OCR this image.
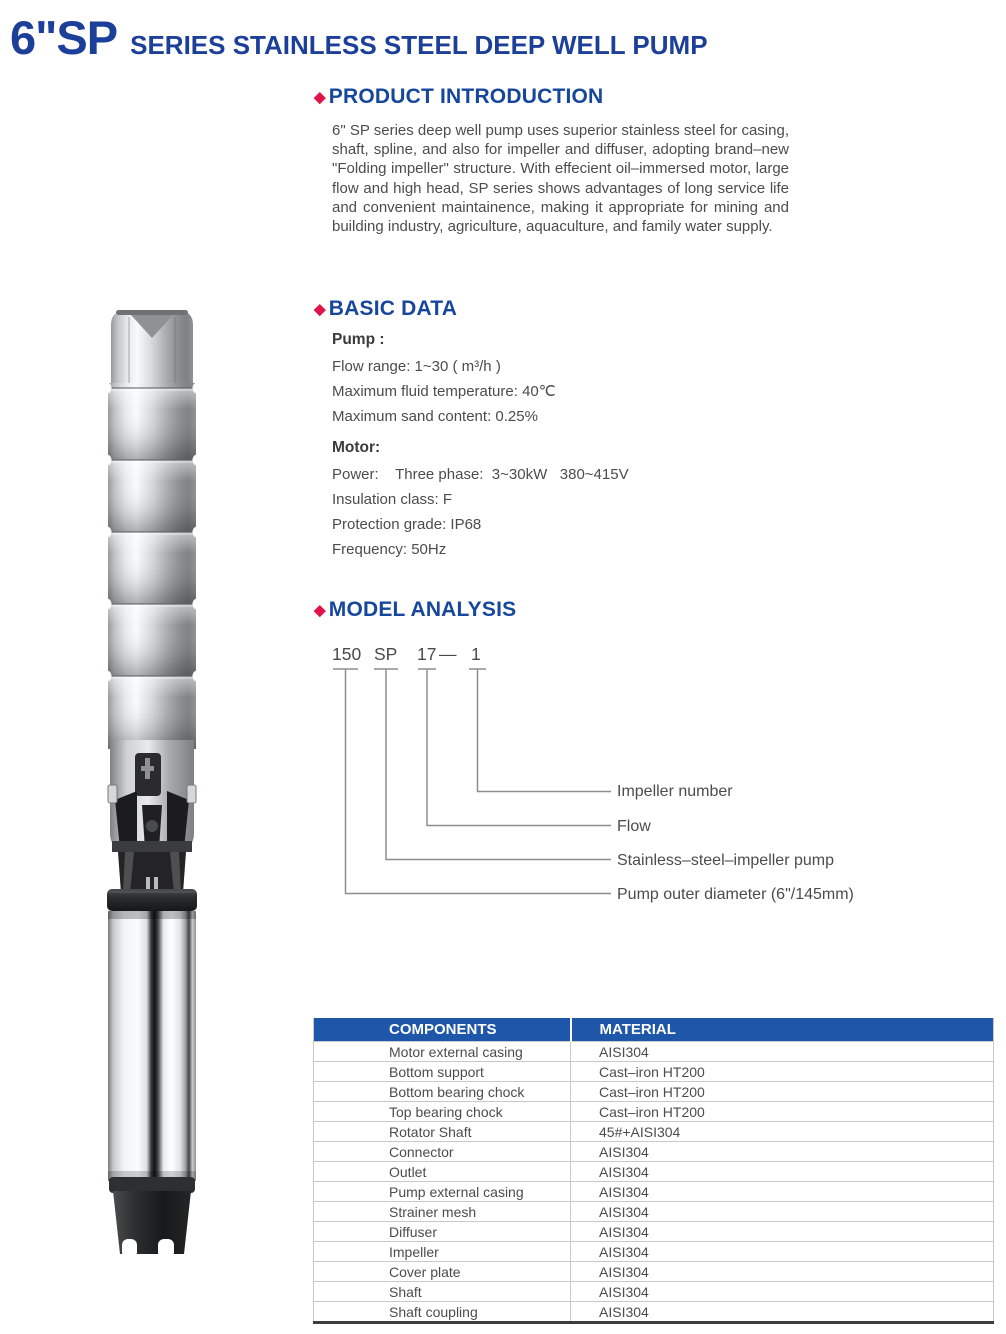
6"SP SERIES STAINLESS STEEL DEEP WELL PUMP
◆ PRODUCT INTRODUCTION
6" SP series deep well pump uses superior stainless steel for casing, shaft, spline, and also for impeller and diffuser, adopting brand–new "Folding impeller" structure. With effecient oil–immersed motor, large flow and high head, SP series shows advantages of long service life and convenient maintainence, making it appropriate for mining and building industry, agriculture, aquaculture, and family water supply.
◆ BASIC DATA
Pump :
Flow range: 1~30 ( m³/h )
Maximum fluid temperature: 40℃
Maximum sand content: 0.25%
Motor:
Power:    Three phase:  3~30kW   380~415V
Insulation class: F
Protection grade: IP68
Frequency: 50Hz
◆ MODEL ANALYSIS
150 SP 17 — 1
Impeller number
Flow
Stainless–steel–impeller pump
Pump outer diameter (6"/145mm)
COMPONENTS	MATERIAL
Motor external casing	AISI304
Bottom support	Cast–iron HT200
Bottom bearing chock	Cast–iron HT200
Top bearing chock	Cast–iron HT200
Rotator Shaft	45#+AISI304
Connector	AISI304
Outlet	AISI304
Pump external casing	AISI304
Strainer mesh	AISI304
Diffuser	AISI304
Impeller	AISI304
Cover plate	AISI304
Shaft	AISI304
Shaft coupling	AISI304
